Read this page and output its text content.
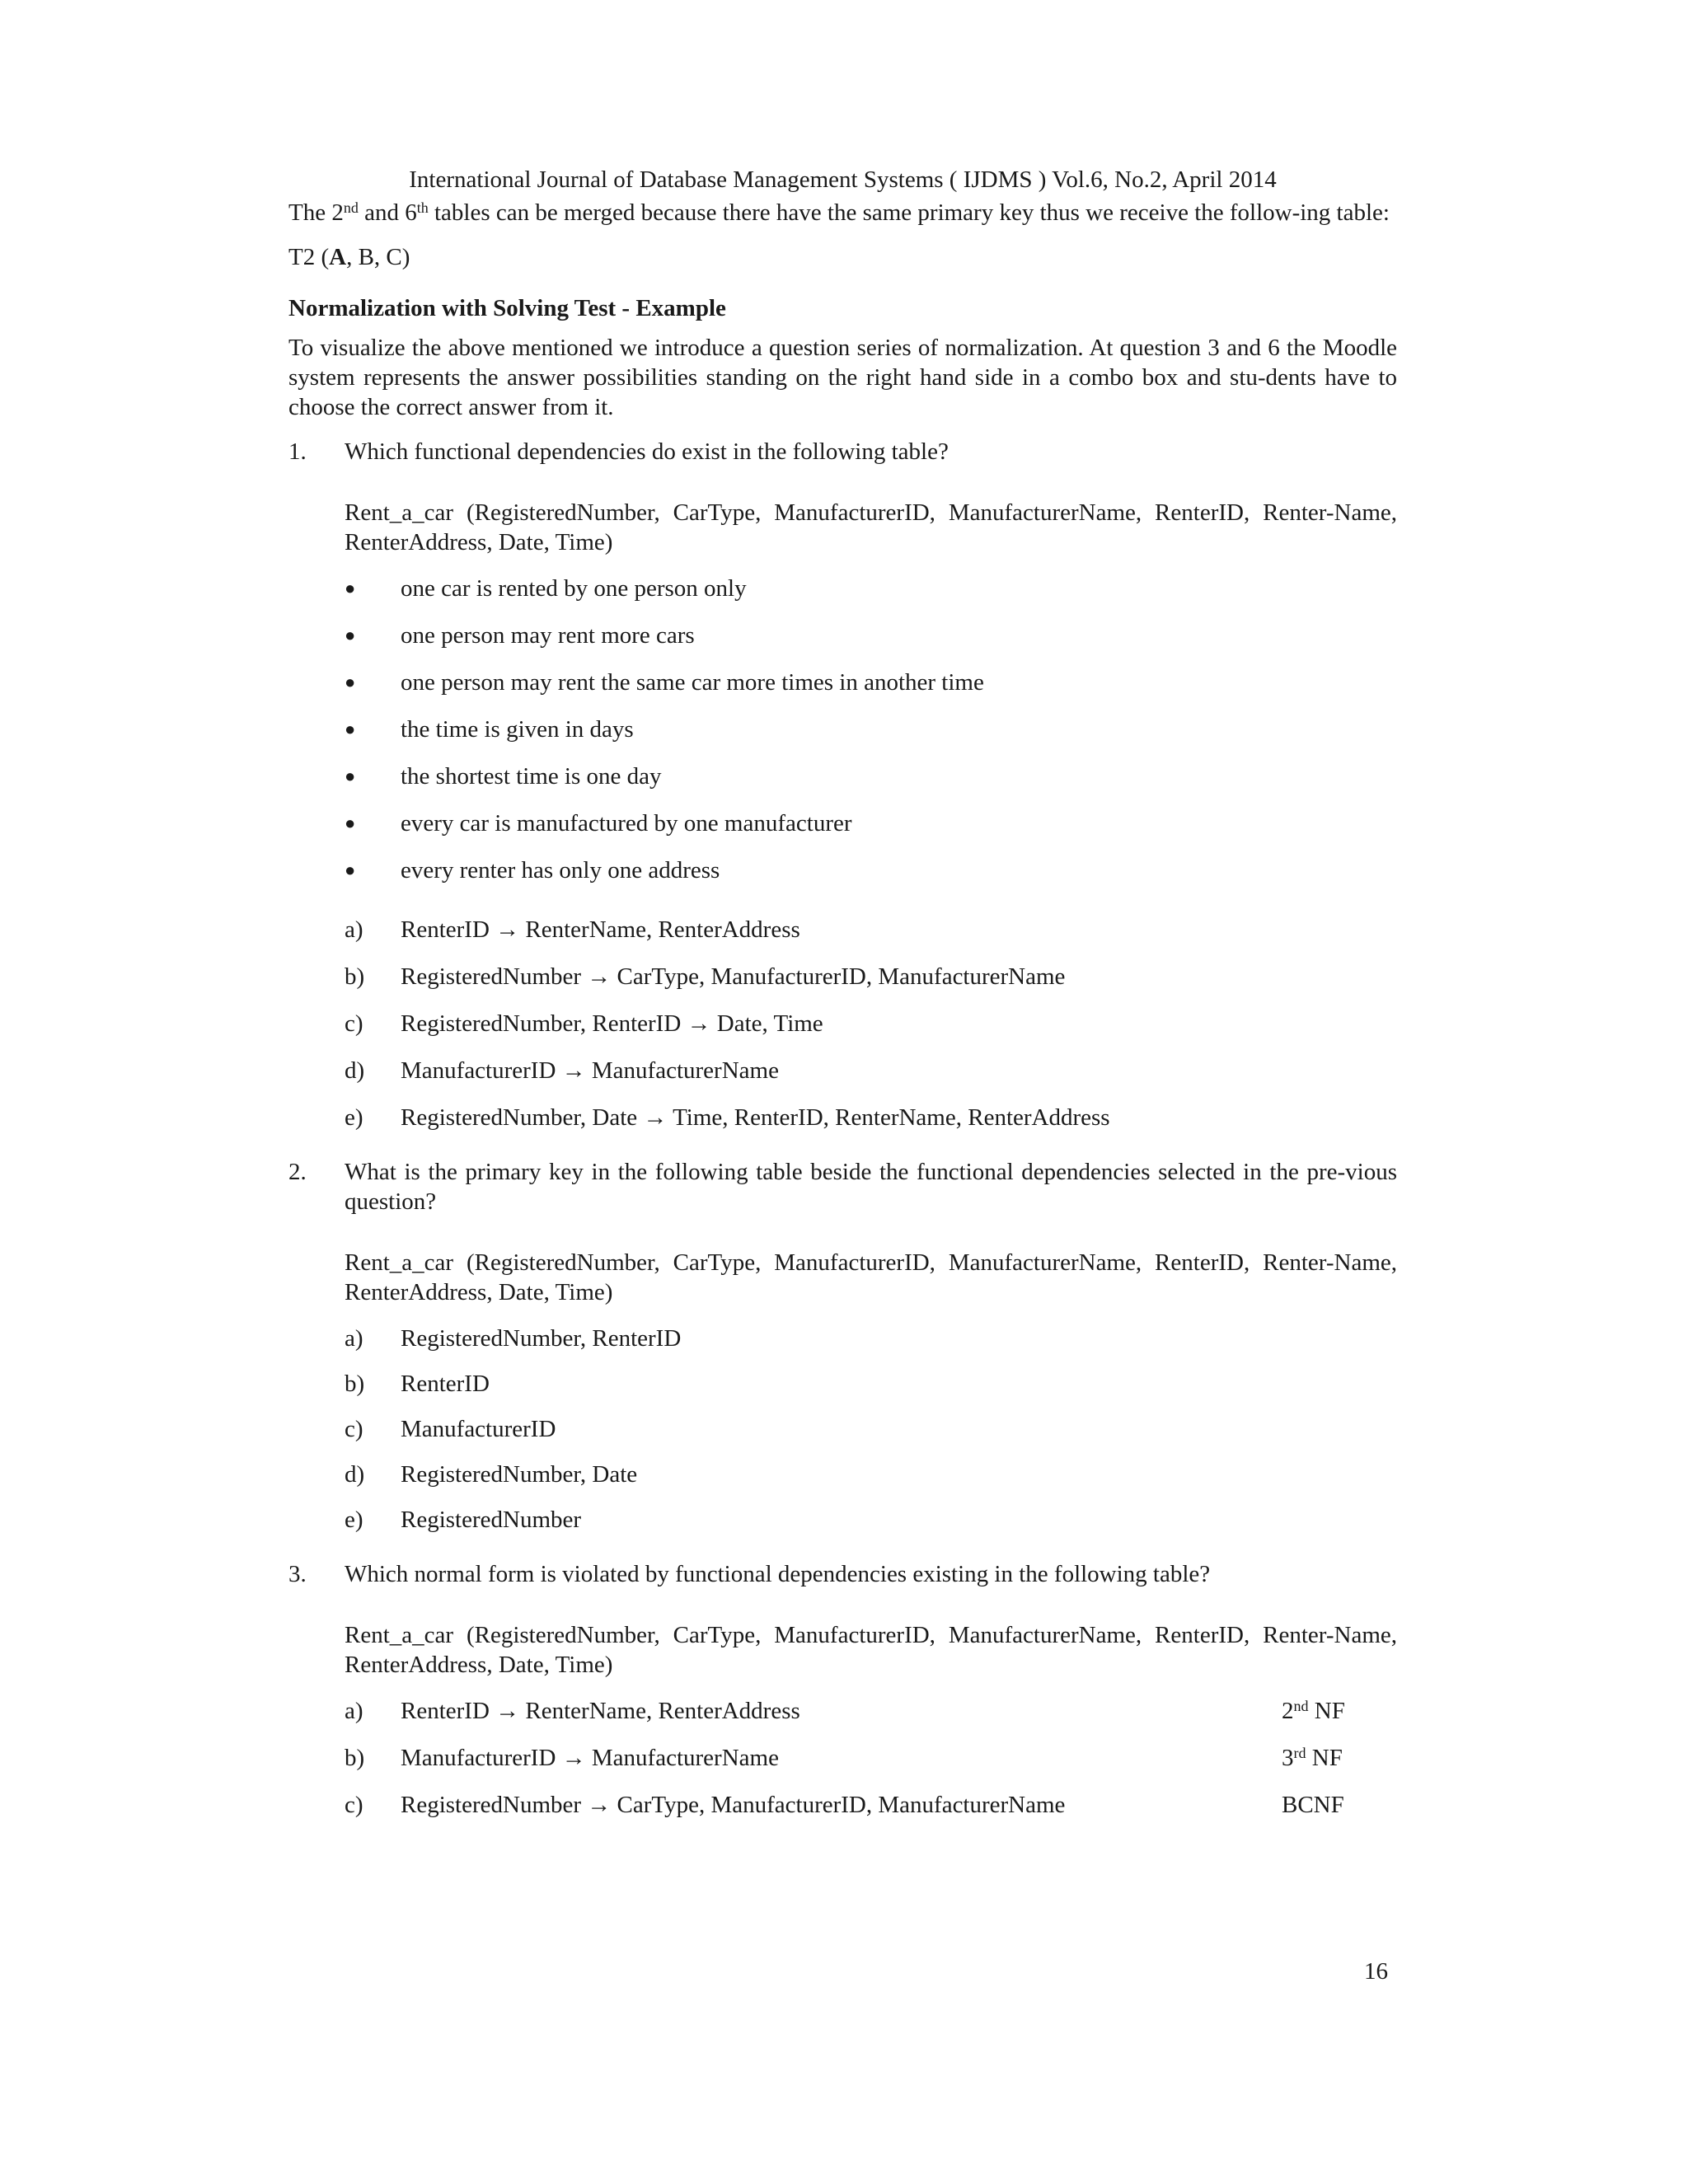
International Journal of Database Management Systems ( IJDMS ) Vol.6, No.2, April 2014

The 2nd and 6th tables can be merged because there have the same primary key thus we receive the follow-ing table:

T2 (A, B, C)

Normalization with Solving Test - Example

To visualize the above mentioned we introduce a question series of normalization. At question 3 and 6 the Moodle system represents the answer possibilities standing on the right hand side in a combo box and stu-dents have to choose the correct answer from it.

1.	Which functional dependencies do exist in the following table?

Rent_a_car (RegisteredNumber, CarType, ManufacturerID, ManufacturerName, RenterID, Renter-Name, RenterAddress, Date, Time)

●	one car is rented by one person only
●	one person may rent more cars
●	one person may rent the same car more times in another time
●	the time is given in days
●	the shortest time is one day
●	every car is manufactured by one manufacturer
●	every renter has only one address
a)	RenterID → RenterName, RenterAddress
b)	RegisteredNumber → CarType, ManufacturerID, ManufacturerName
c)	RegisteredNumber, RenterID → Date, Time
d)	ManufacturerID → ManufacturerName
e)	RegisteredNumber, Date → Time, RenterID, RenterName, RenterAddress
2.	What is the primary key in the following table beside the functional dependencies selected in the pre-vious question?

Rent_a_car (RegisteredNumber, CarType, ManufacturerID, ManufacturerName, RenterID, Renter-Name, RenterAddress, Date, Time)

a)	RegisteredNumber, RenterID
b)	RenterID
c)	ManufacturerID
d)	RegisteredNumber, Date
e)	RegisteredNumber
3.	Which normal form is violated by functional dependencies existing in the following table?

Rent_a_car (RegisteredNumber, CarType, ManufacturerID, ManufacturerName, RenterID, Renter-Name, RenterAddress, Date, Time)

a)	RenterID → RenterName, RenterAddress	2nd NF
b)	ManufacturerID → ManufacturerName	3rd NF
c)	RegisteredNumber → CarType, ManufacturerID, ManufacturerName	BCNF
16
